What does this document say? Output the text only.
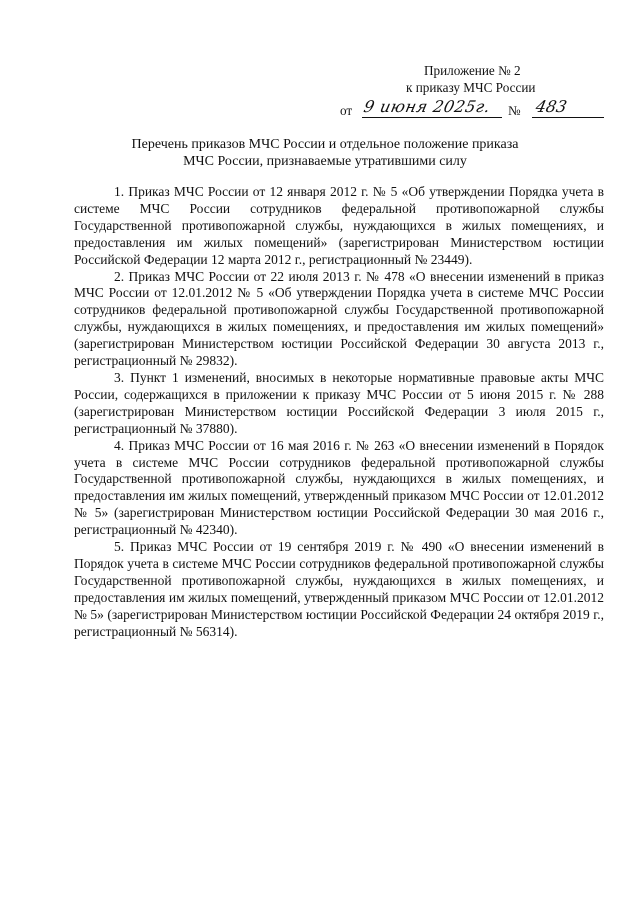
Приложение № 2
к приказу МЧС России
от 9 июня 2025г. № 483
Перечень приказов МЧС России и отдельное положение приказа
МЧС России, признаваемые утратившими силу

1. Приказ МЧС России от 12 января 2012 г. № 5 «Об утверждении Порядка учета в системе МЧС России сотрудников федеральной противопожарной службы Государственной противопожарной службы, нуждающихся в жилых помещениях, и предоставления им жилых помещений» (зарегистрирован Министерством юстиции Российской Федерации 12 марта 2012 г., регистрационный № 23449).

2. Приказ МЧС России от 22 июля 2013 г. № 478 «О внесении изменений в приказ МЧС России от 12.01.2012 № 5 «Об утверждении Порядка учета в системе МЧС России сотрудников федеральной противопожарной службы Государственной противопожарной службы, нуждающихся в жилых помещениях, и предоставления им жилых помещений» (зарегистрирован Министерством юстиции Российской Федерации 30 августа 2013 г., регистрационный № 29832).

3. Пункт 1 изменений, вносимых в некоторые нормативные правовые акты МЧС России, содержащихся в приложении к приказу МЧС России от 5 июня 2015 г. № 288 (зарегистрирован Министерством юстиции Российской Федерации 3 июля 2015 г., регистрационный № 37880).

4. Приказ МЧС России от 16 мая 2016 г. № 263 «О внесении изменений в Порядок учета в системе МЧС России сотрудников федеральной противопожарной службы Государственной противопожарной службы, нуждающихся в жилых помещениях, и предоставления им жилых помещений, утвержденный приказом МЧС России от 12.01.2012 № 5» (зарегистрирован Министерством юстиции Российской Федерации 30 мая 2016 г., регистрационный № 42340).

5. Приказ МЧС России от 19 сентября 2019 г. № 490 «О внесении изменений в Порядок учета в системе МЧС России сотрудников федеральной противопожарной службы Государственной противопожарной службы, нуждающихся в жилых помещениях, и предоставления им жилых помещений, утвержденный приказом МЧС России от 12.01.2012 № 5» (зарегистрирован Министерством юстиции Российской Федерации 24 октября 2019 г., регистрационный № 56314).
